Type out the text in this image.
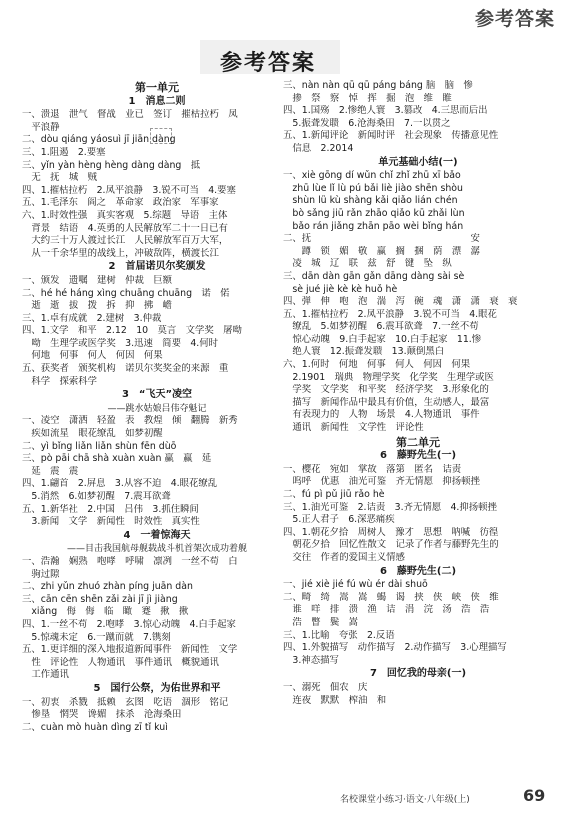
参考答案
参考答案
第一单元
1　消息二则
一、溃退　泄气　督战　业已　签订　摧枯拉朽　凤
　平浪静
二、dòu qiáng yáosuì jī jiān dàng
三、1.阻遏　2.要塞
三、yǐn yàn hèng hèng dàng dàng　抵
　无　抚　城　贼
四、1.摧枯拉朽　2.凤平浪静　3.锐不可当　4.要塞
五、1.毛泽东　阎之　革命家　政治家　军事家
六、1.时效性强　真实客观　5.综题　导语　主体
　背景　结语　4.英勇的人民解放军二十一日已有
　大约三十万人渡过长江　人民解放军百万大军，
　从一千余华里的战线上，冲破敌阵，横渡长江
2　首届诺贝尔奖颁发
一、颁发　遗嘱　建树　仲裁　巨额
二、hé hé háng xìng chuāng chuāng　诺　偌
　逝　逝　拔　拨　拆　抑　拂　嶦
三、1.卓有成就　2.建树　3.仲裁
四、1.文学　和平　2.12　10　莫言　文学奖　屠呦
　呦　生理学或医学奖　3.迅速　简要　4.何时
　何地　何事　何人　何因　何果
五、获奖者　颁奖机构　诺贝尔奖奖金的来源　重
　科学　探索科学
3　“飞天”凌空
——跳水姑娘吕伟夺魁记
一、凌空　潇洒　轻盈　表　教煌　倾　翻腾　新秀
　疾如流星　眼花缭乱　如梦初醒
二、yì bǐng liǎn liǎn shùn fēn dùō
三、pò pāi chā shà xuàn xuàn 赢　赢　延
　延　震　震
四、1.翩首　2.屏息　3.从容不迫　4.眼花缭乱
　5.消然　6.如梦初醒　7.震耳欲聋
五、1.新华社　2.中国　吕伟　3.抓住瞬间
　3.新闻　文学　新闻性　时效性　真实性
4　一着惊海天
——目击我国航母舰载战斗机首架次成功着舰
一、浩瀚　娴熟　咆哮　呼啸　凛冽　一丝不苟　白
　驹过隙
二、zhi yǔn zhuó zhàn píng juān dàn
三、cān cēn shēn zǎi zài jī jì jiàng
　xiǎng　侮　侮　临　瞰　蹇　揪　揪
四、1.一丝不苟　2.咆哮　3.惊心动魄　4.白手起家
　5.惊魂未定　6.一蹴而就　7.镌刻
五、1.更详细的深入地报道新闻事件　新闻性　文学
　性　评论性　人物通讯　事件通讯　概貌通讯
　工作通讯
5　国行公祭，为佑世界和平
一、初衷　杀戮　抵赖　玄图　吃语　涸形　铭记
　惨垦　惘哭　谗媚　抹杀　沧海桑田
二、cuàn mò huàn dìng zī tǐ kuì
三、nàn nàn qū qū páng báng 脑　脑　惨
　掺　祭　察　悼　挥　掘　泡　维　睢
四、1.国殇　2.惨绝人寰　3.篡改　4.三思而后出
　5.振聋发聩　6.沧海桑田　7.一以贯之
五、1.新闻评论　新闻时评　社会现象　传播意见性
　信息　2.2014
单元基础小结(一)
一、xiè gōng dí wǔn chǐ zhǐ zhū xī bǎo
　zhū lùe lǐ lù pú bǎi liè jiào shēn shòu
　shùn lǜ kù shàng kǎi qiǎo lián chén
　bò sǎng jiū rǎn zhāo qiǎo kū zhǎi lùn
　bǎo rán jiǎng zhān pāo wèi bǐng hán
二、抚　　　　　　　　　　　　　　　　　安
　　蹲　锁　媚　敬　赢　搁　捆　荫　漂　潺
　凌　城　辽　联　兹　舒　键　坠　纵
三、dān dàn gān gǎn dāng dàng sài sè
　sè jué jiè kè kè huǒ hè
四、弹　伸　咆　泡　湍　泻　碗　魂　潇　潇　衰　衰
五、1.摧枯拉朽　2.凤平浪静　3.锐不可当　4.眼花
　缭乱　5.如梦初醒　6.震耳欲聋　7.一丝不苟
　惊心动魄　9.白手起家　10.白手起家　11.惨
　绝人寰　12.振聋发聩　13.颠倒黑白
六、1.何时　何地　何事　何人　何因　何果
　2.1901　瑞典　物理学奖　化学奖　生理学或医
　学奖　文学奖　和平奖　经济学奖　3.形象化的
　描写　新闻作品中最具有价值，生动感人，最富
　有表现力的　人物　场景　4.人物通讯　事件
　通讯　新闻性　文学性　评论性
第二单元
6　藤野先生(一)
一、樱花　宛如　掌故　落第　匿名　诘责
　呜呼　优惠　油光可鉴　齐无情愿　抑扬顿挫
二、fú pì pǔ jiū rǎo hè
三、1.油光可鉴　2.诘责　3.齐无情愿　4.抑扬顿挫
　5.正人君子　6.深恶痛疾
四、1.朝花夕拾　周树人　豫才　思想　呐喊　彷徨
　朝花夕拾　回忆性散文　记录了作者与藤野先生的
　交往　作者的爱国主义情感
6　藤野先生(二)
一、jié xiè jié fú wù ér dài shuō
二、畸　绮　嵩　嵩　蝎　谒　挟　侠　峡　侠　维
　谁　咩　排　溃　渔　诘　涓　浣　汤　浩　浩
　浩　瞥　鬓　嵩
三、1.比喻　夸张　2.反语
四、1.外貌描写　动作描写　2.动作描写　3.心理描写
　3.神态描写
7　回忆我的母亲(一)
一、溺死　佃农　庆　　　　　　　　　　　　　
　连夜　默默　榨油　和　　　　　　　　　　　
名校课堂小练习·语文·八年级(上)	69
